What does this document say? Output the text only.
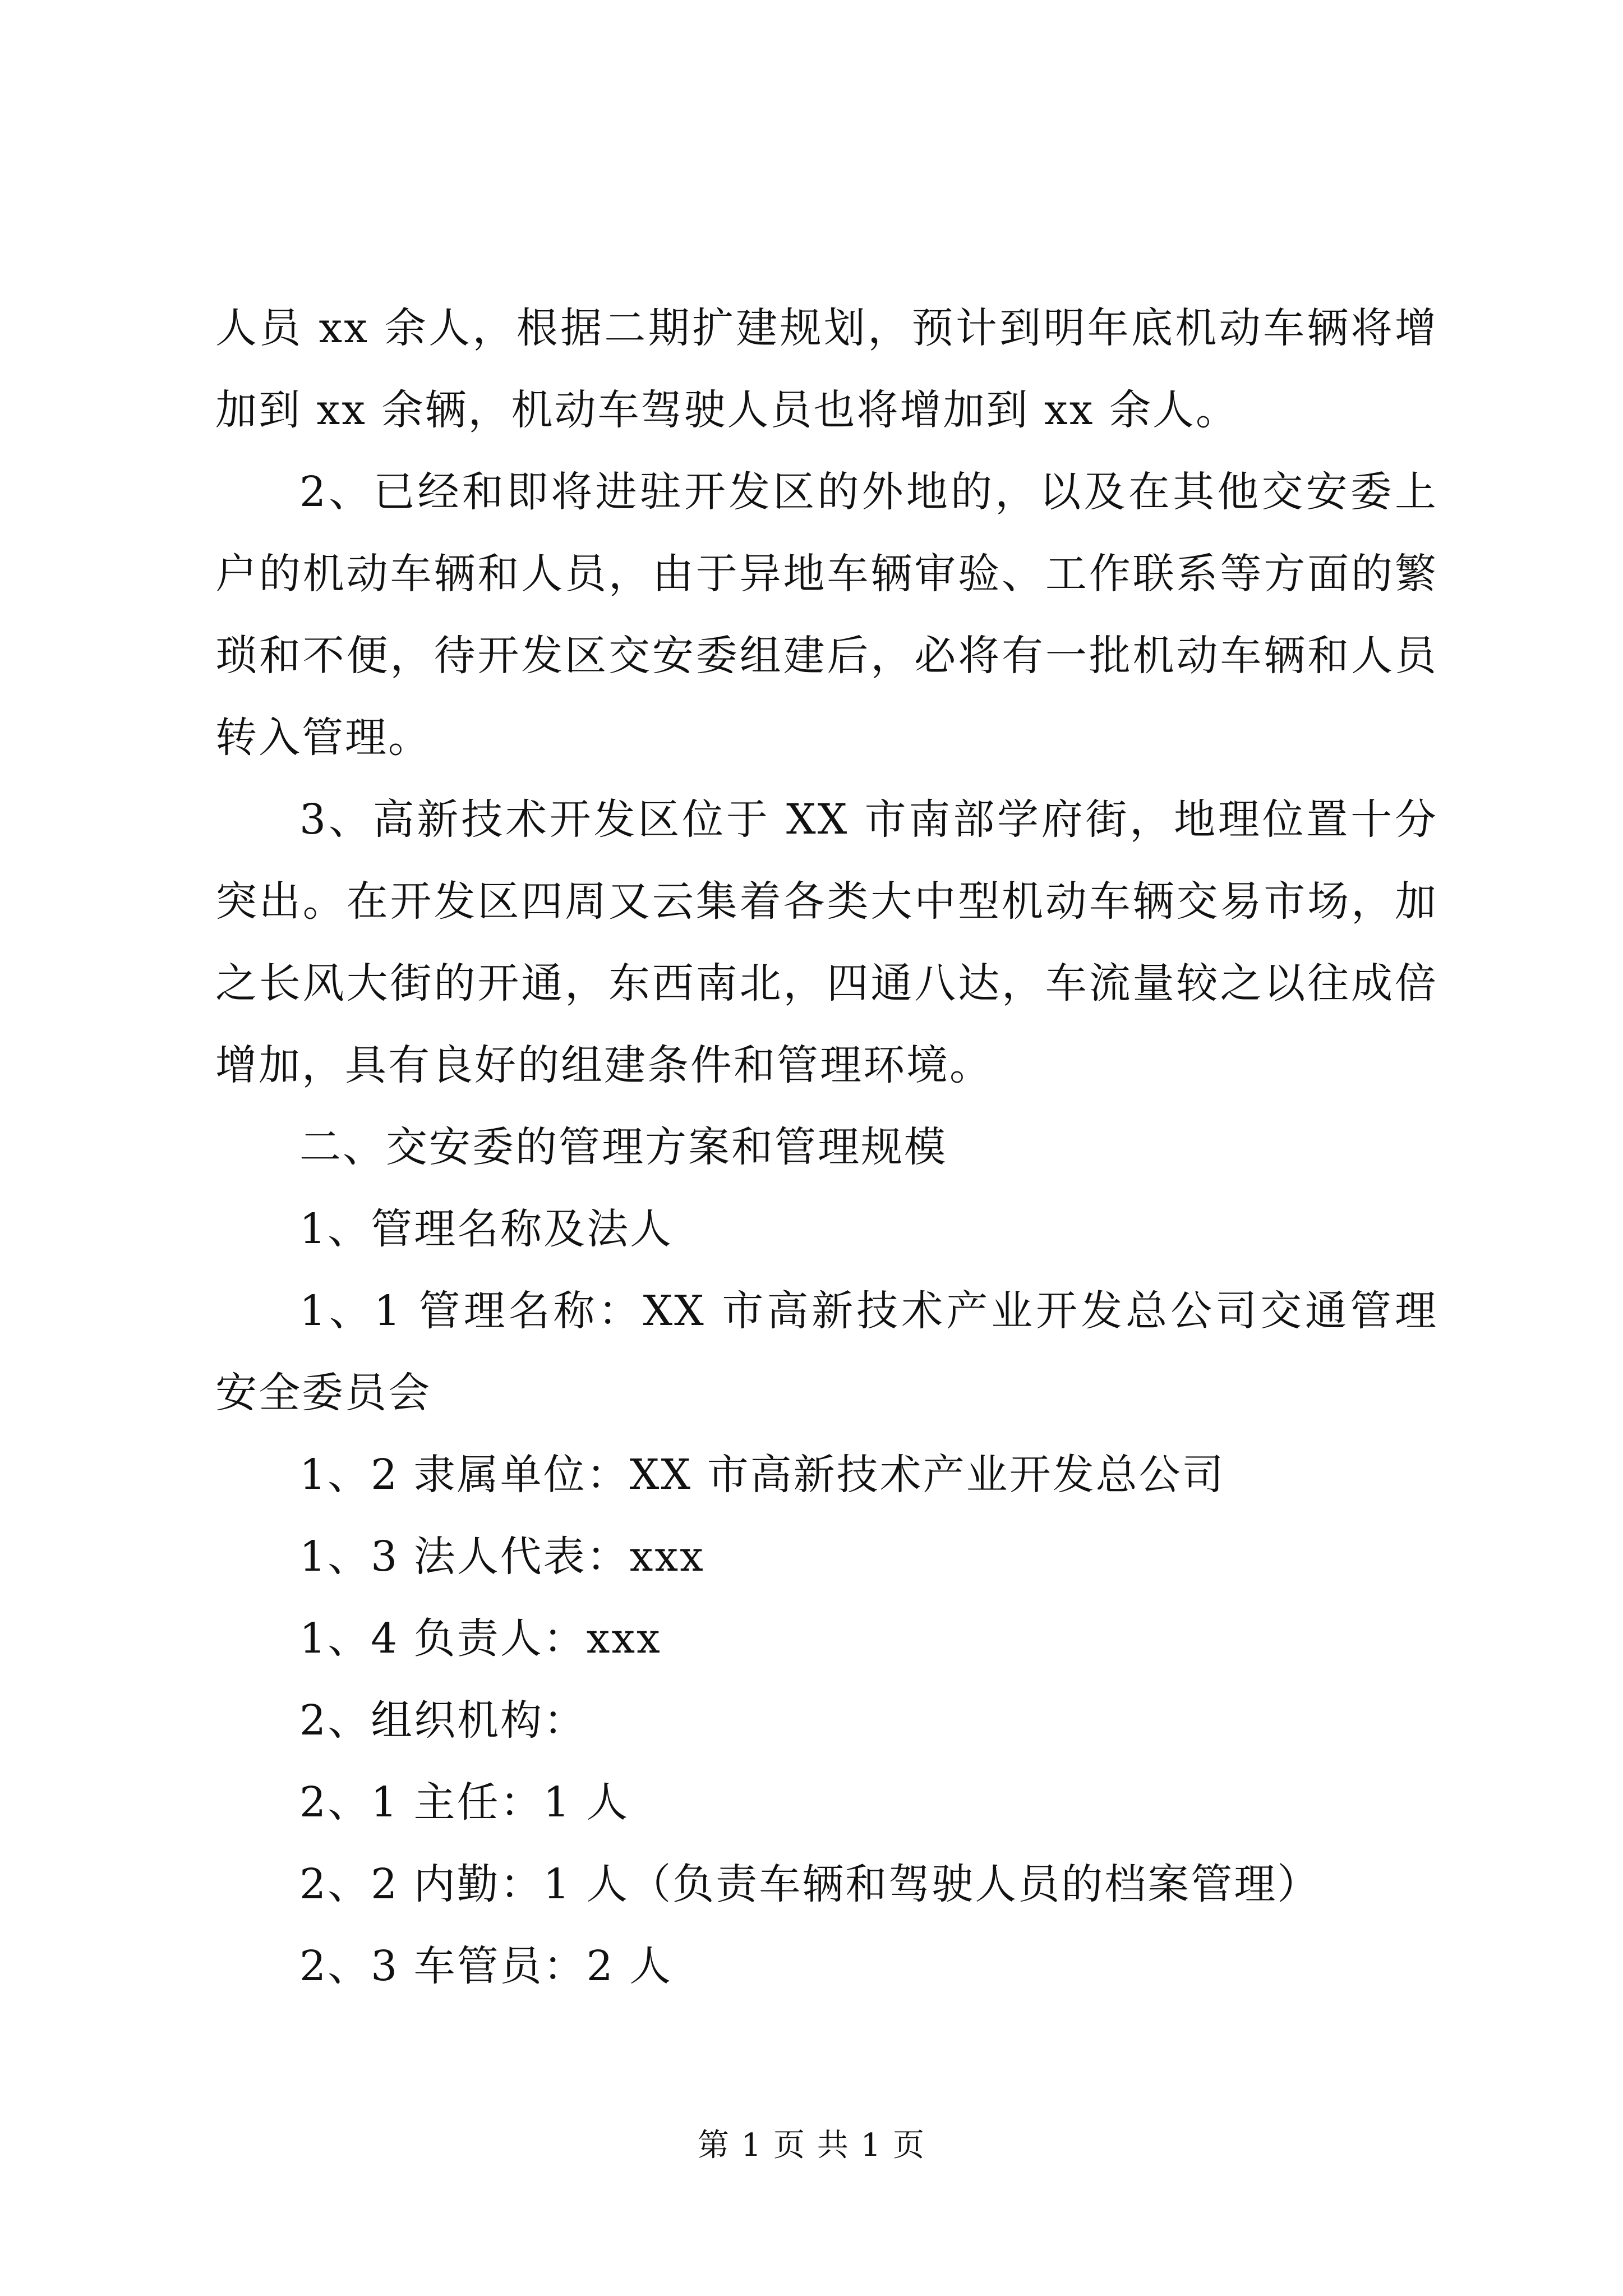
人员 xx 余人，根据二期扩建规划，预计到明年底机动车辆将增加到 xx 余辆，机动车驾驶人员也将增加到 xx 余人。

2、已经和即将进驻开发区的外地的，以及在其他交安委上户的机动车辆和人员，由于异地车辆审验、工作联系等方面的繁琐和不便，待开发区交安委组建后，必将有一批机动车辆和人员转入管理。

3、高新技术开发区位于 XX 市南部学府街，地理位置十分突出。在开发区四周又云集着各类大中型机动车辆交易市场，加之长风大街的开通，东西南北，四通八达，车流量较之以往成倍增加，具有良好的组建条件和管理环境。

二、交安委的管理方案和管理规模

1、管理名称及法人

1、1 管理名称：XX 市高新技术产业开发总公司交通管理安全委员会

1、2 隶属单位：XX 市高新技术产业开发总公司

1、3 法人代表：xxx

1、4 负责人：xxx

2、组织机构：

2、1 主任：1 人

2、2 内勤：1 人（负责车辆和驾驶人员的档案管理）

2、3 车管员：2 人

第 1 页 共 1 页
